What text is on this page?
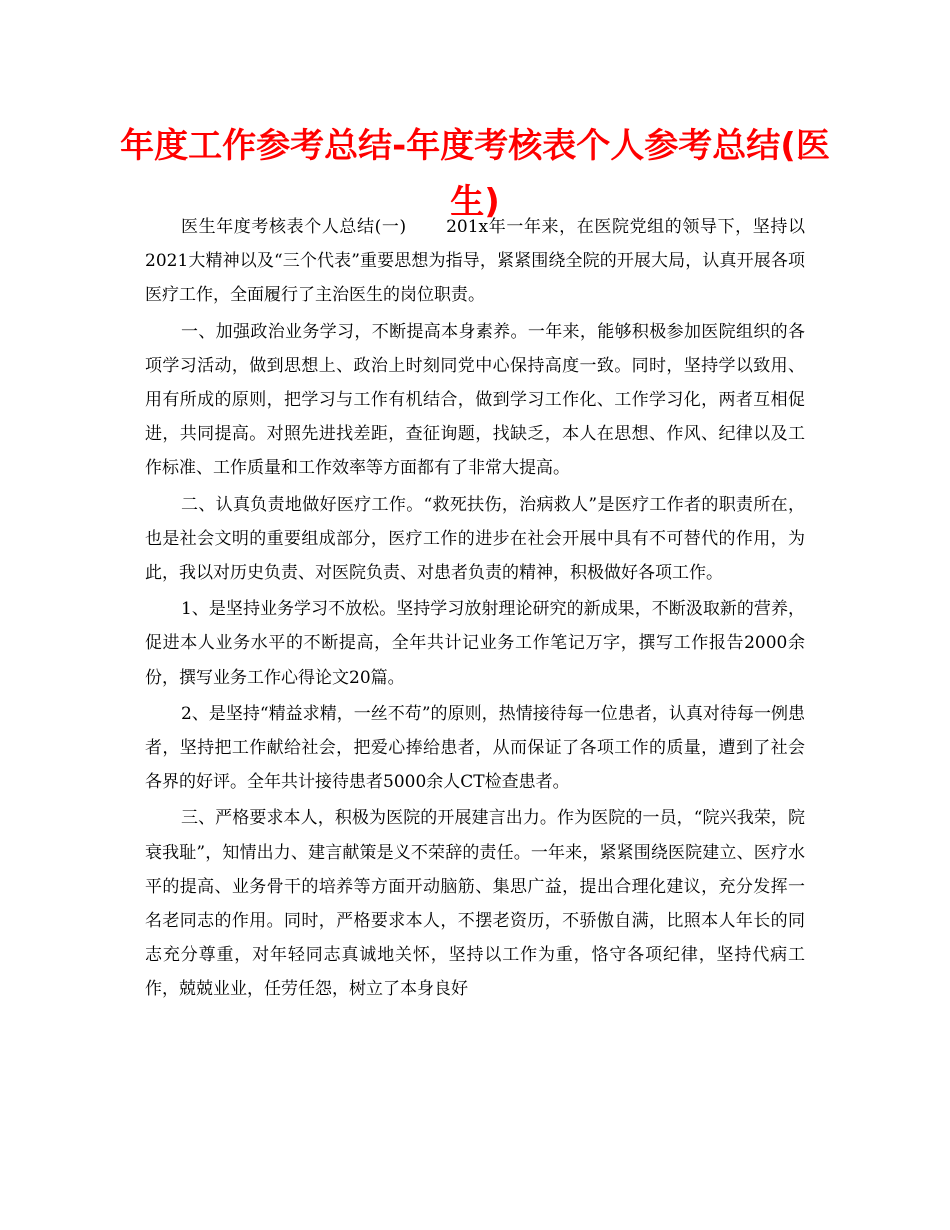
年度工作参考总结-年度考核表个人参考总结(医生)

医生年度考核表个人总结(一) 201x年一年来，在医院党组的领导下，坚持以2021大精神以及“三个代表”重要思想为指导，紧紧围绕全院的开展大局，认真开展各项医疗工作，全面履行了主治医生的岗位职责。

一、加强政治业务学习，不断提高本身素养。一年来，能够积极参加医院组织的各项学习活动，做到思想上、政治上时刻同党中心保持高度一致。同时，坚持学以致用、用有所成的原则，把学习与工作有机结合，做到学习工作化、工作学习化，两者互相促进，共同提高。对照先进找差距，查征询题，找缺乏，本人在思想、作风、纪律以及工作标准、工作质量和工作效率等方面都有了非常大提高。

二、认真负责地做好医疗工作。“救死扶伤，治病救人”是医疗工作者的职责所在，也是社会文明的重要组成部分，医疗工作的进步在社会开展中具有不可替代的作用，为此，我以对历史负责、对医院负责、对患者负责的精神，积极做好各项工作。

1、是坚持业务学习不放松。坚持学习放射理论研究的新成果，不断汲取新的营养，促进本人业务水平的不断提高，全年共计记业务工作笔记万字，撰写工作报告2000余份，撰写业务工作心得论文20篇。

2、是坚持“精益求精，一丝不苟”的原则，热情接待每一位患者，认真对待每一例患者，坚持把工作献给社会，把爱心捧给患者，从而保证了各项工作的质量，遭到了社会各界的好评。全年共计接待患者5000余人CT检查患者。

三、严格要求本人，积极为医院的开展建言出力。作为医院的一员，“院兴我荣，院衰我耻”，知情出力、建言献策是义不荣辞的责任。一年来，紧紧围绕医院建立、医疗水平的提高、业务骨干的培养等方面开动脑筋、集思广益，提出合理化建议，充分发挥一名老同志的作用。同时，严格要求本人，不摆老资历，不骄傲自满，比照本人年长的同志充分尊重，对年轻同志真诚地关怀，坚持以工作为重，恪守各项纪律，坚持代病工作，兢兢业业，任劳任怨，树立了本身良好
